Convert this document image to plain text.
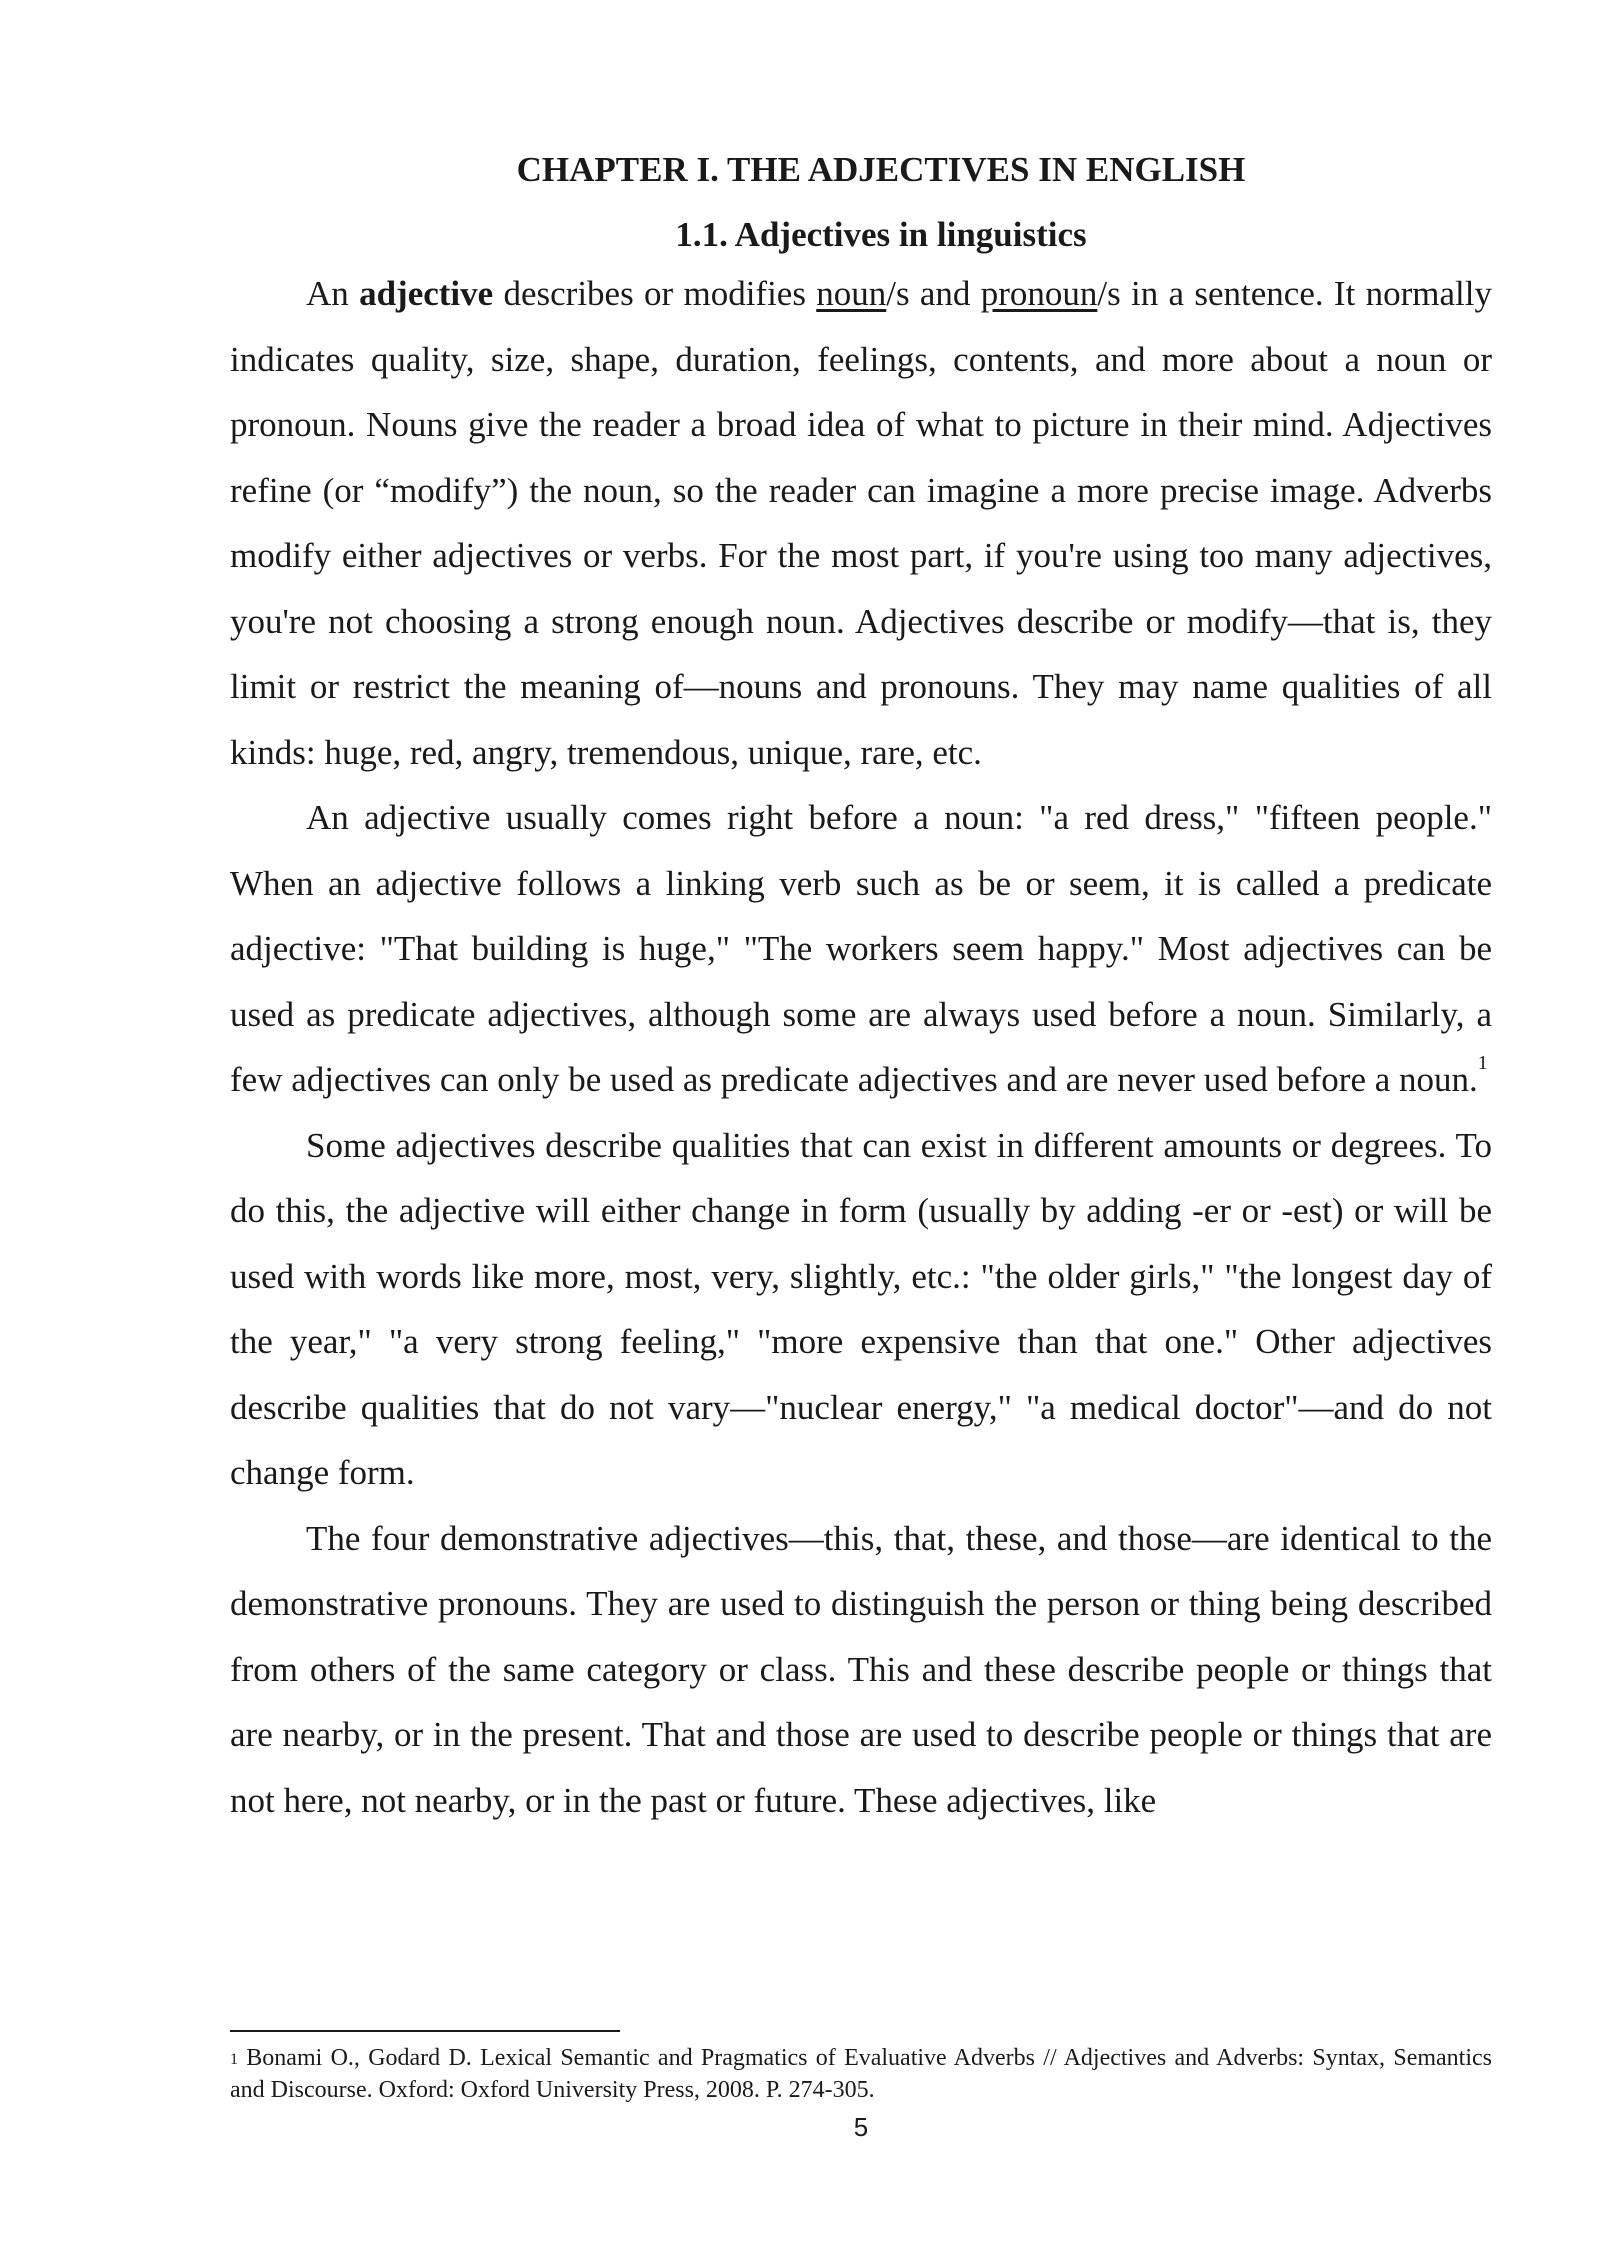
CHAPTER I. THE ADJECTIVES IN ENGLISH
1.1. Adjectives in linguistics

An adjective describes or modifies noun/s and pronoun/s in a sentence. It normally indicates quality, size, shape, duration, feelings, contents, and more about a noun or pronoun. Nouns give the reader a broad idea of what to picture in their mind. Adjectives refine (or “modify”) the noun, so the reader can imagine a more precise image. Adverbs modify either adjectives or verbs. For the most part, if you're using too many adjectives, you're not choosing a strong enough noun. Adjectives describe or modify—that is, they limit or restrict the meaning of—nouns and pronouns. They may name qualities of all kinds: huge, red, angry, tremendous, unique, rare, etc.

An adjective usually comes right before a noun: "a red dress," "fifteen people." When an adjective follows a linking verb such as be or seem, it is called a predicate adjective: "That building is huge," "The workers seem happy." Most adjectives can be used as predicate adjectives, although some are always used before a noun. Similarly, a few adjectives can only be used as predicate adjectives and are never used before a noun.$^1$

Some adjectives describe qualities that can exist in different amounts or degrees. To do this, the adjective will either change in form (usually by adding -er or -est) or will be used with words like more, most, very, slightly, etc.: "the older girls," "the longest day of the year," "a very strong feeling," "more expensive than that one." Other adjectives describe qualities that do not vary—"nuclear energy," "a medical doctor"—and do not change form.

The four demonstrative adjectives—this, that, these, and those—are identical to the demonstrative pronouns. They are used to distinguish the person or thing being described from others of the same category or class. This and these describe people or things that are nearby, or in the present. That and those are used to describe people or things that are not here, not nearby, or in the past or future. These adjectives, like

$^1$ Bonami O., Godard D. Lexical Semantic and Pragmatics of Evaluative Adverbs // Adjectives and Adverbs: Syntax, Semantics and Discourse. Oxford: Oxford University Press, 2008. P. 274-305.

5
